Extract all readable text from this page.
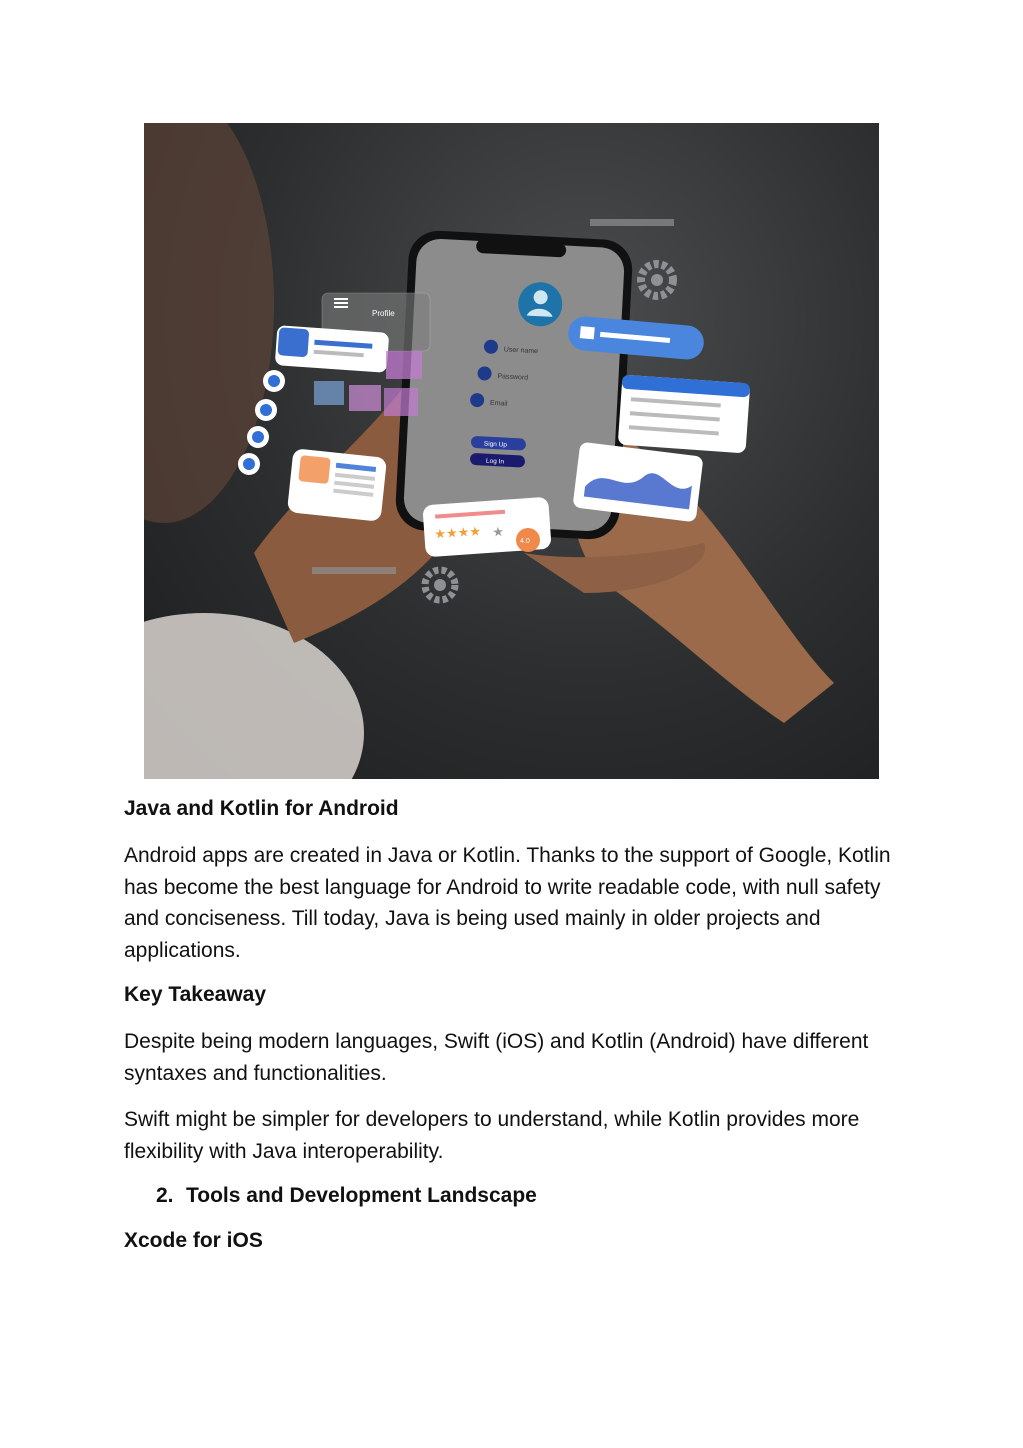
User name
Password
Email
Sign Up
Log In
Profile
★★★★ ★
4.0
Java and Kotlin for Android
Android apps are created in Java or Kotlin. Thanks to the support of Google, Kotlin has become the best language for Android to write readable code, with null safety and conciseness. Till today, Java is being used mainly in older projects and applications.
Key Takeaway
Despite being modern languages, Swift (iOS) and Kotlin (Android) have different syntaxes and functionalities.
Swift might be simpler for developers to understand, while Kotlin provides more flexibility with Java interoperability.
2. Tools and Development Landscape
Xcode for iOS
